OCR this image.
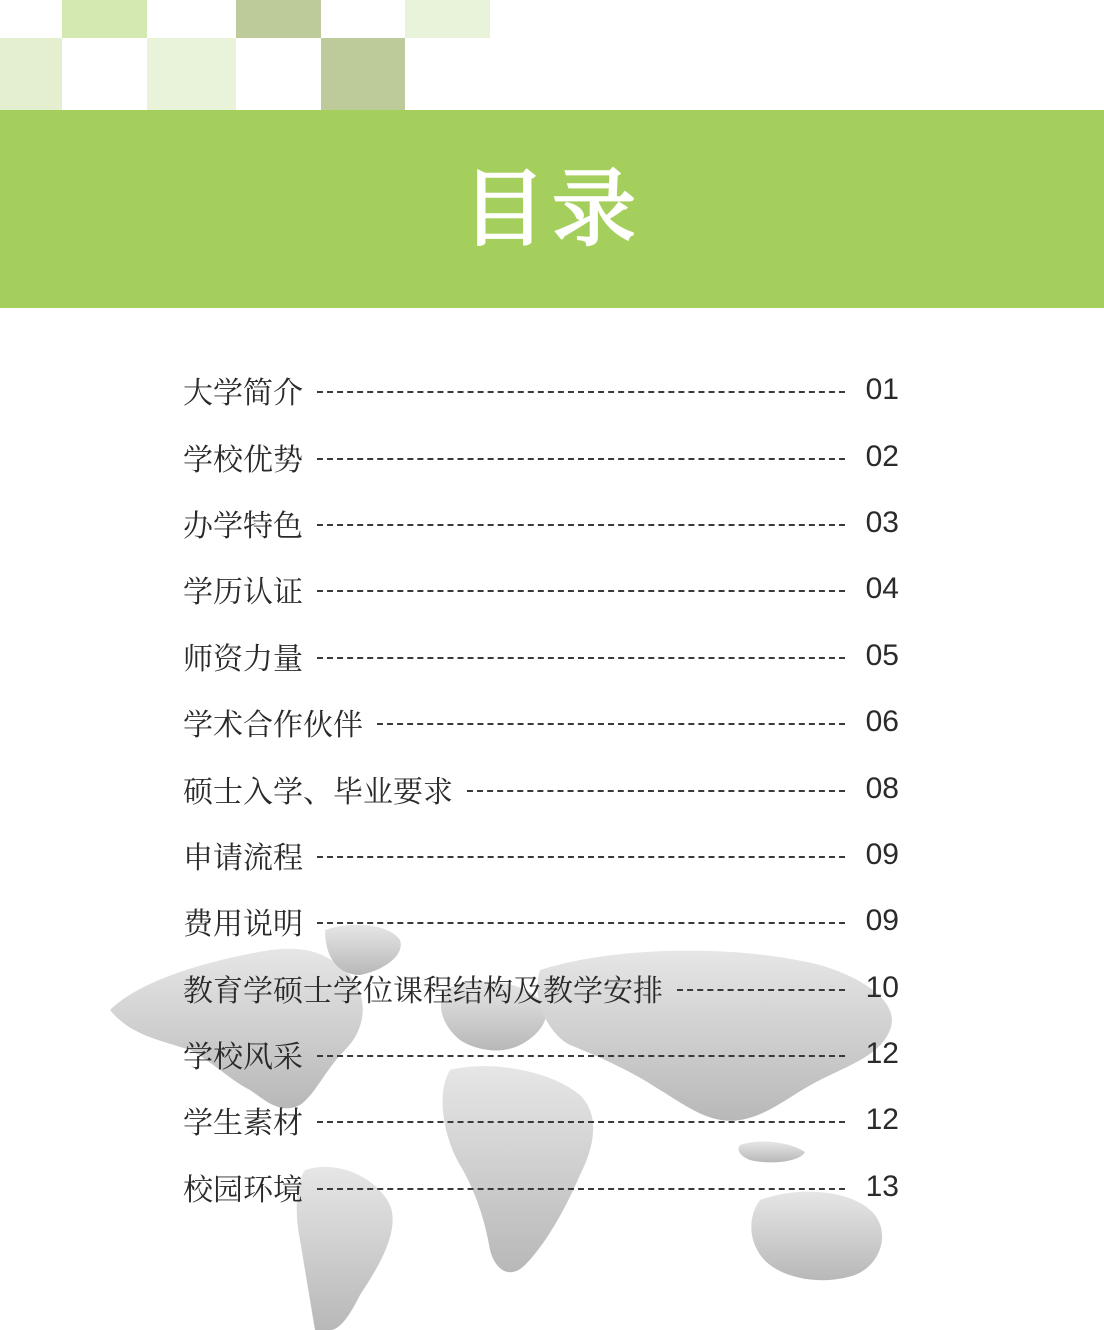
目录
大学简介	01
学校优势	02
办学特色	03
学历认证	04
师资力量	05
学术合作伙伴	06
硕士入学、毕业要求	08
申请流程	09
费用说明	09
教育学硕士学位课程结构及教学安排	10
学校风采	12
学生素材	12
校园环境	13
